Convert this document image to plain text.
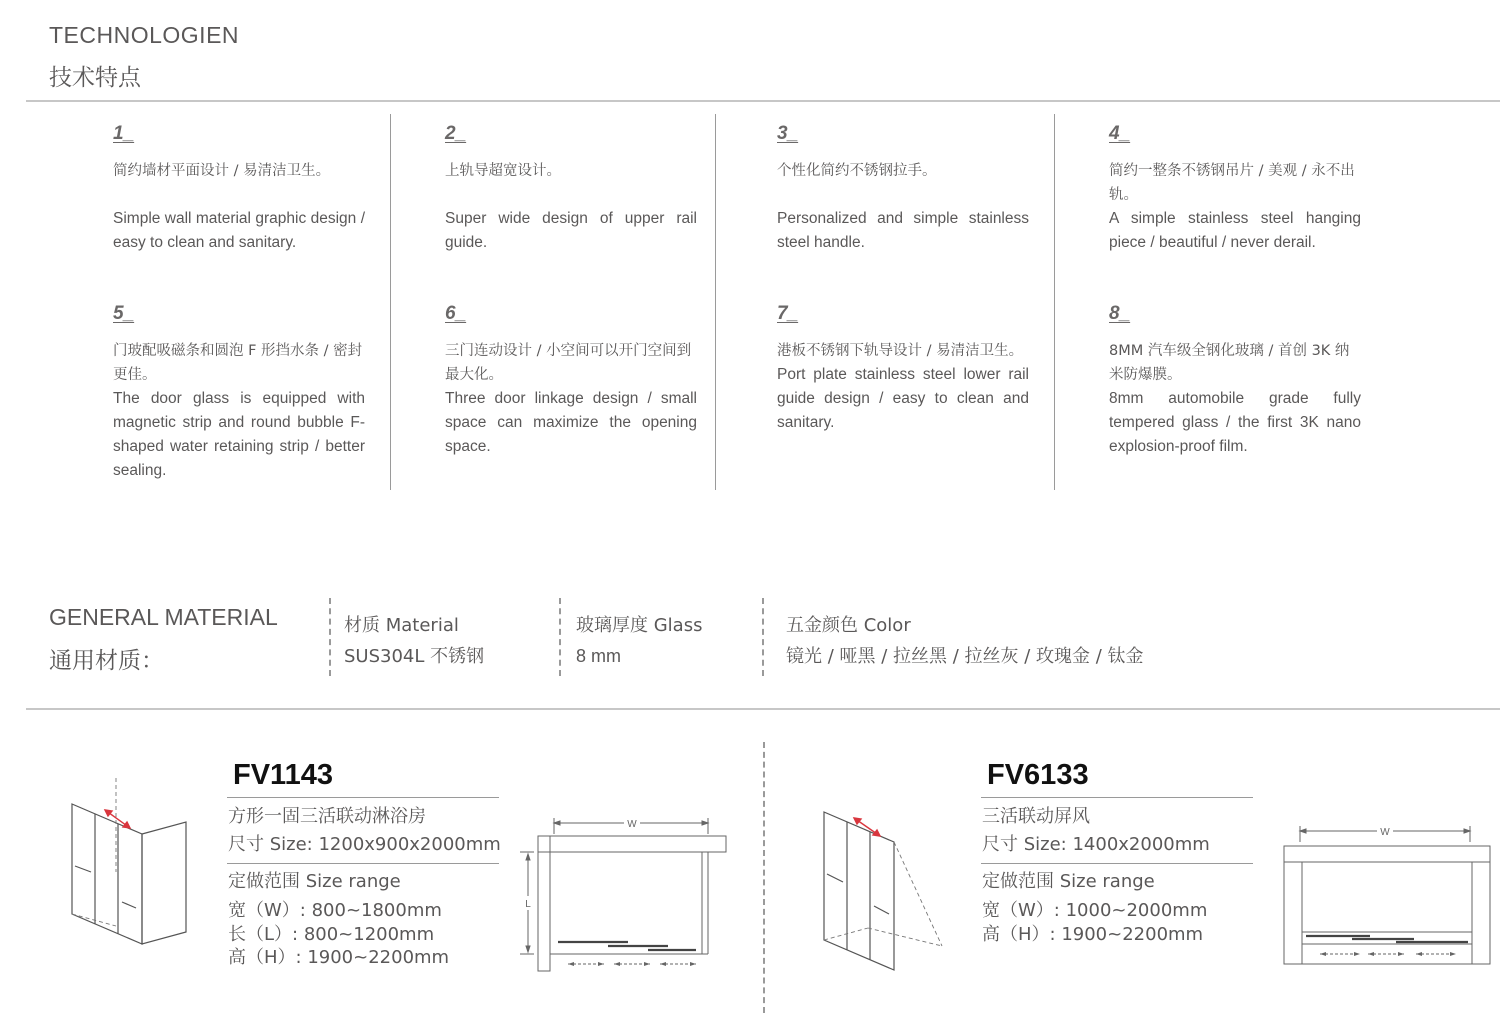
TECHNOLOGIEN
技术特点
1_
简约墙材平面设计 / 易清洁卫生。
Simple wall material graphic design / easy to clean and sanitary.
2_
上轨导超宽设计。
Super wide design of upper rail guide.
3_
个性化简约不锈钢拉手。
Personalized and simple stainless steel handle.
4_
简约一整条不锈钢吊片 / 美观 / 永不出轨。
A simple stainless steel hanging piece / beautiful / never derail.
5_
门玻配吸磁条和圆泡 F 形挡水条 / 密封更佳。
The door glass is equipped with magnetic strip and round bubble F-shaped water retaining strip / better sealing.
6_
三门连动设计 / 小空间可以开门空间到最大化。
Three door linkage design / small space can maximize the opening space.
7_
港板不锈钢下轨导设计 / 易清洁卫生。
Port plate stainless steel lower rail guide design / easy to clean and sanitary.
8_
8MM 汽车级全钢化玻璃 / 首创 3K 纳米防爆膜。
8mm automobile grade fully tempered glass / the first 3K nano explosion-proof film.
GENERAL MATERIAL
通用材质：
材质 Material
SUS304L 不锈钢
玻璃厚度 Glass
8 mm
五金颜色 Color
镜光 / 哑黑 / 拉丝黑 / 拉丝灰 / 玫瑰金 / 钛金
FV1143
方形一固三活联动淋浴房
尺寸 Size: 1200x900x2000mm
定做范围 Size range
宽（W）: 800~1800mm
长（L）: 800~1200mm
高（H）: 1900~2200mm
W
L
FV6133
三活联动屏风
尺寸 Size: 1400x2000mm
定做范围 Size range
宽（W）: 1000~2000mm
高（H）: 1900~2200mm
W
